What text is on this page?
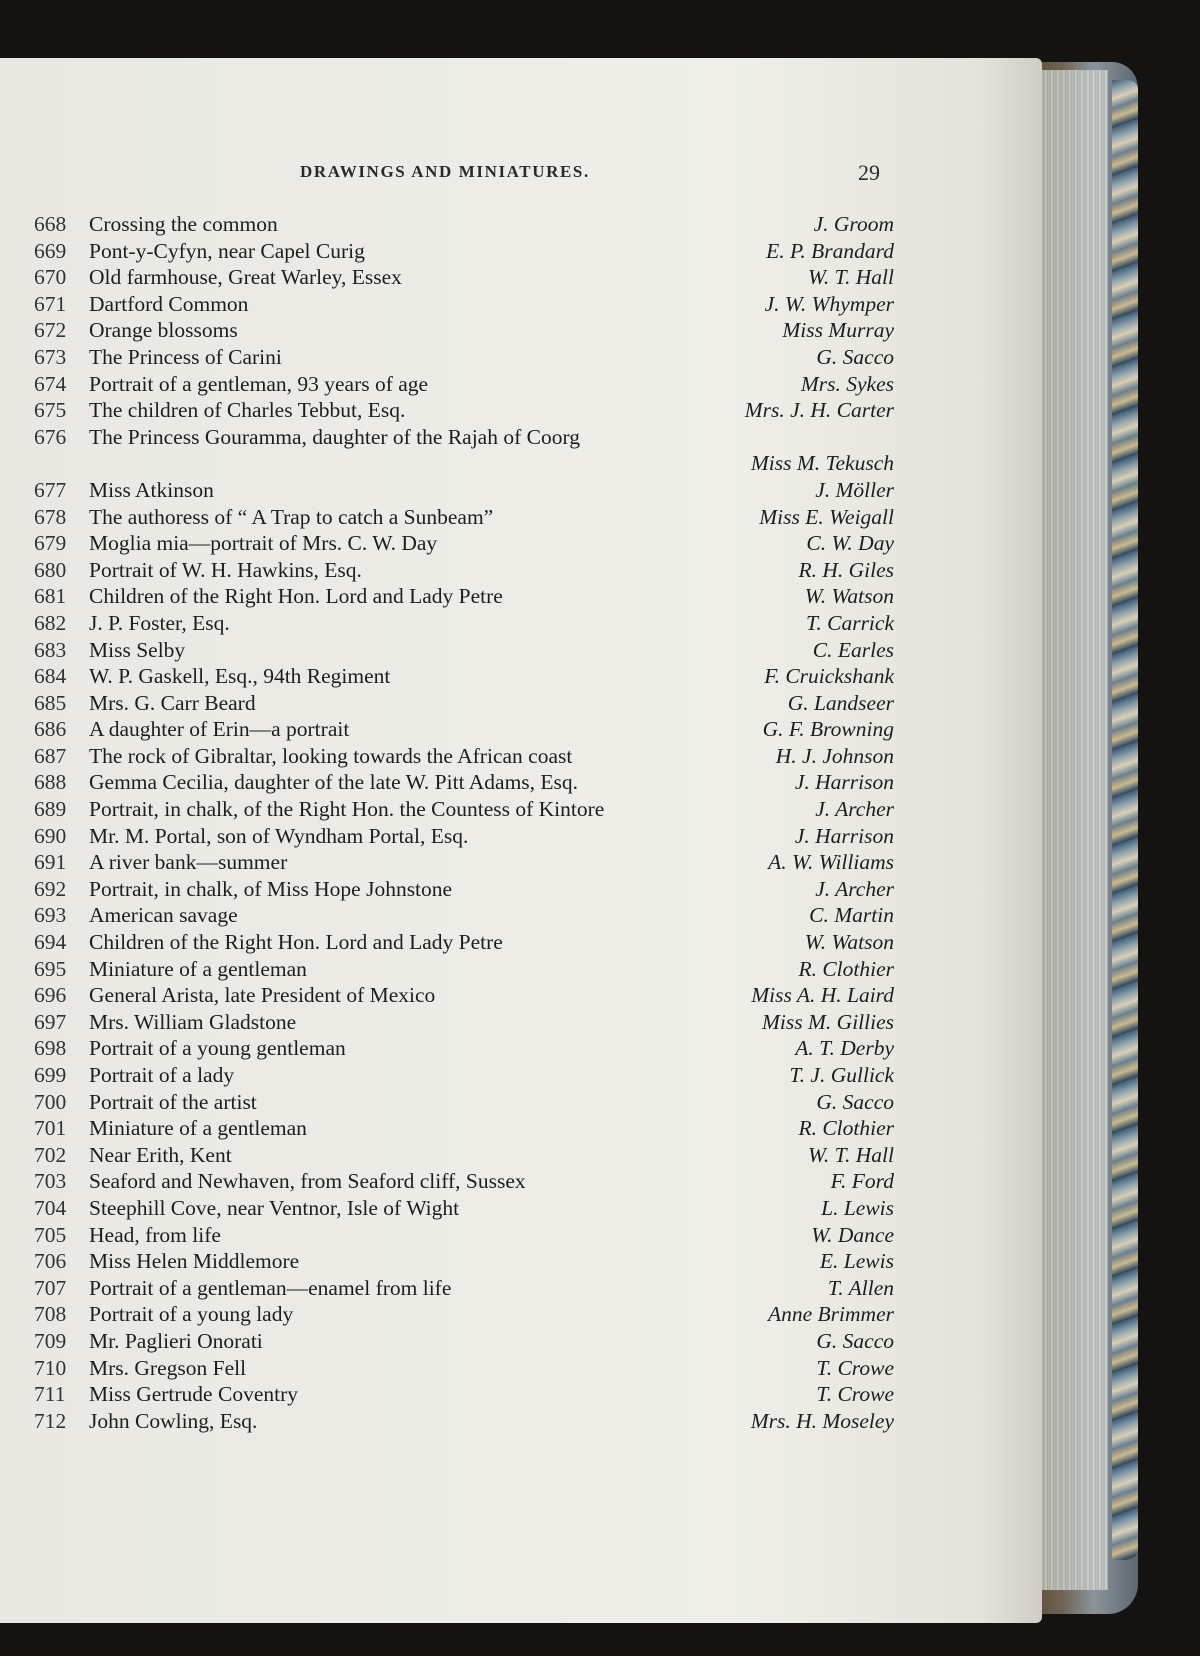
DRAWINGS AND MINIATURES.	29
668	Crossing the common	J. Groom
669	Pont-y-Cyfyn, near Capel Curig	E. P. Brandard
670	Old farmhouse, Great Warley, Essex	W. T. Hall
671	Dartford Common	J. W. Whymper
672	Orange blossoms	Miss Murray
673	The Princess of Carini	G. Sacco
674	Portrait of a gentleman, 93 years of age	Mrs. Sykes
675	The children of Charles Tebbut, Esq.	Mrs. J. H. Carter
676	The Princess Gouramma, daughter of the Rajah of Coorg
Miss M. Tekusch
677	Miss Atkinson	J. Möller
678	The authoress of “ A Trap to catch a Sunbeam”	Miss E. Weigall
679	Moglia mia—portrait of Mrs. C. W. Day	C. W. Day
680	Portrait of W. H. Hawkins, Esq.	R. H. Giles
681	Children of the Right Hon. Lord and Lady Petre	W. Watson
682	J. P. Foster, Esq.	T. Carrick
683	Miss Selby	C. Earles
684	W. P. Gaskell, Esq., 94th Regiment	F. Cruickshank
685	Mrs. G. Carr Beard	G. Landseer
686	A daughter of Erin—a portrait	G. F. Browning
687	The rock of Gibraltar, looking towards the African coast	H. J. Johnson
688	Gemma Cecilia, daughter of the late W. Pitt Adams, Esq.	J. Harrison
689	Portrait, in chalk, of the Right Hon. the Countess of Kintore	J. Archer
690	Mr. M. Portal, son of Wyndham Portal, Esq.	J. Harrison
691	A river bank—summer	A. W. Williams
692	Portrait, in chalk, of Miss Hope Johnstone	J. Archer
693	American savage	C. Martin
694	Children of the Right Hon. Lord and Lady Petre	W. Watson
695	Miniature of a gentleman	R. Clothier
696	General Arista, late President of Mexico	Miss A. H. Laird
697	Mrs. William Gladstone	Miss M. Gillies
698	Portrait of a young gentleman	A. T. Derby
699	Portrait of a lady	T. J. Gullick
700	Portrait of the artist	G. Sacco
701	Miniature of a gentleman	R. Clothier
702	Near Erith, Kent	W. T. Hall
703	Seaford and Newhaven, from Seaford cliff, Sussex	F. Ford
704	Steephill Cove, near Ventnor, Isle of Wight	L. Lewis
705	Head, from life	W. Dance
706	Miss Helen Middlemore	E. Lewis
707	Portrait of a gentleman—enamel from life	T. Allen
708	Portrait of a young lady	Anne Brimmer
709	Mr. Paglieri Onorati	G. Sacco
710	Mrs. Gregson Fell	T. Crowe
711	Miss Gertrude Coventry	T. Crowe
712	John Cowling, Esq.	Mrs. H. Moseley
